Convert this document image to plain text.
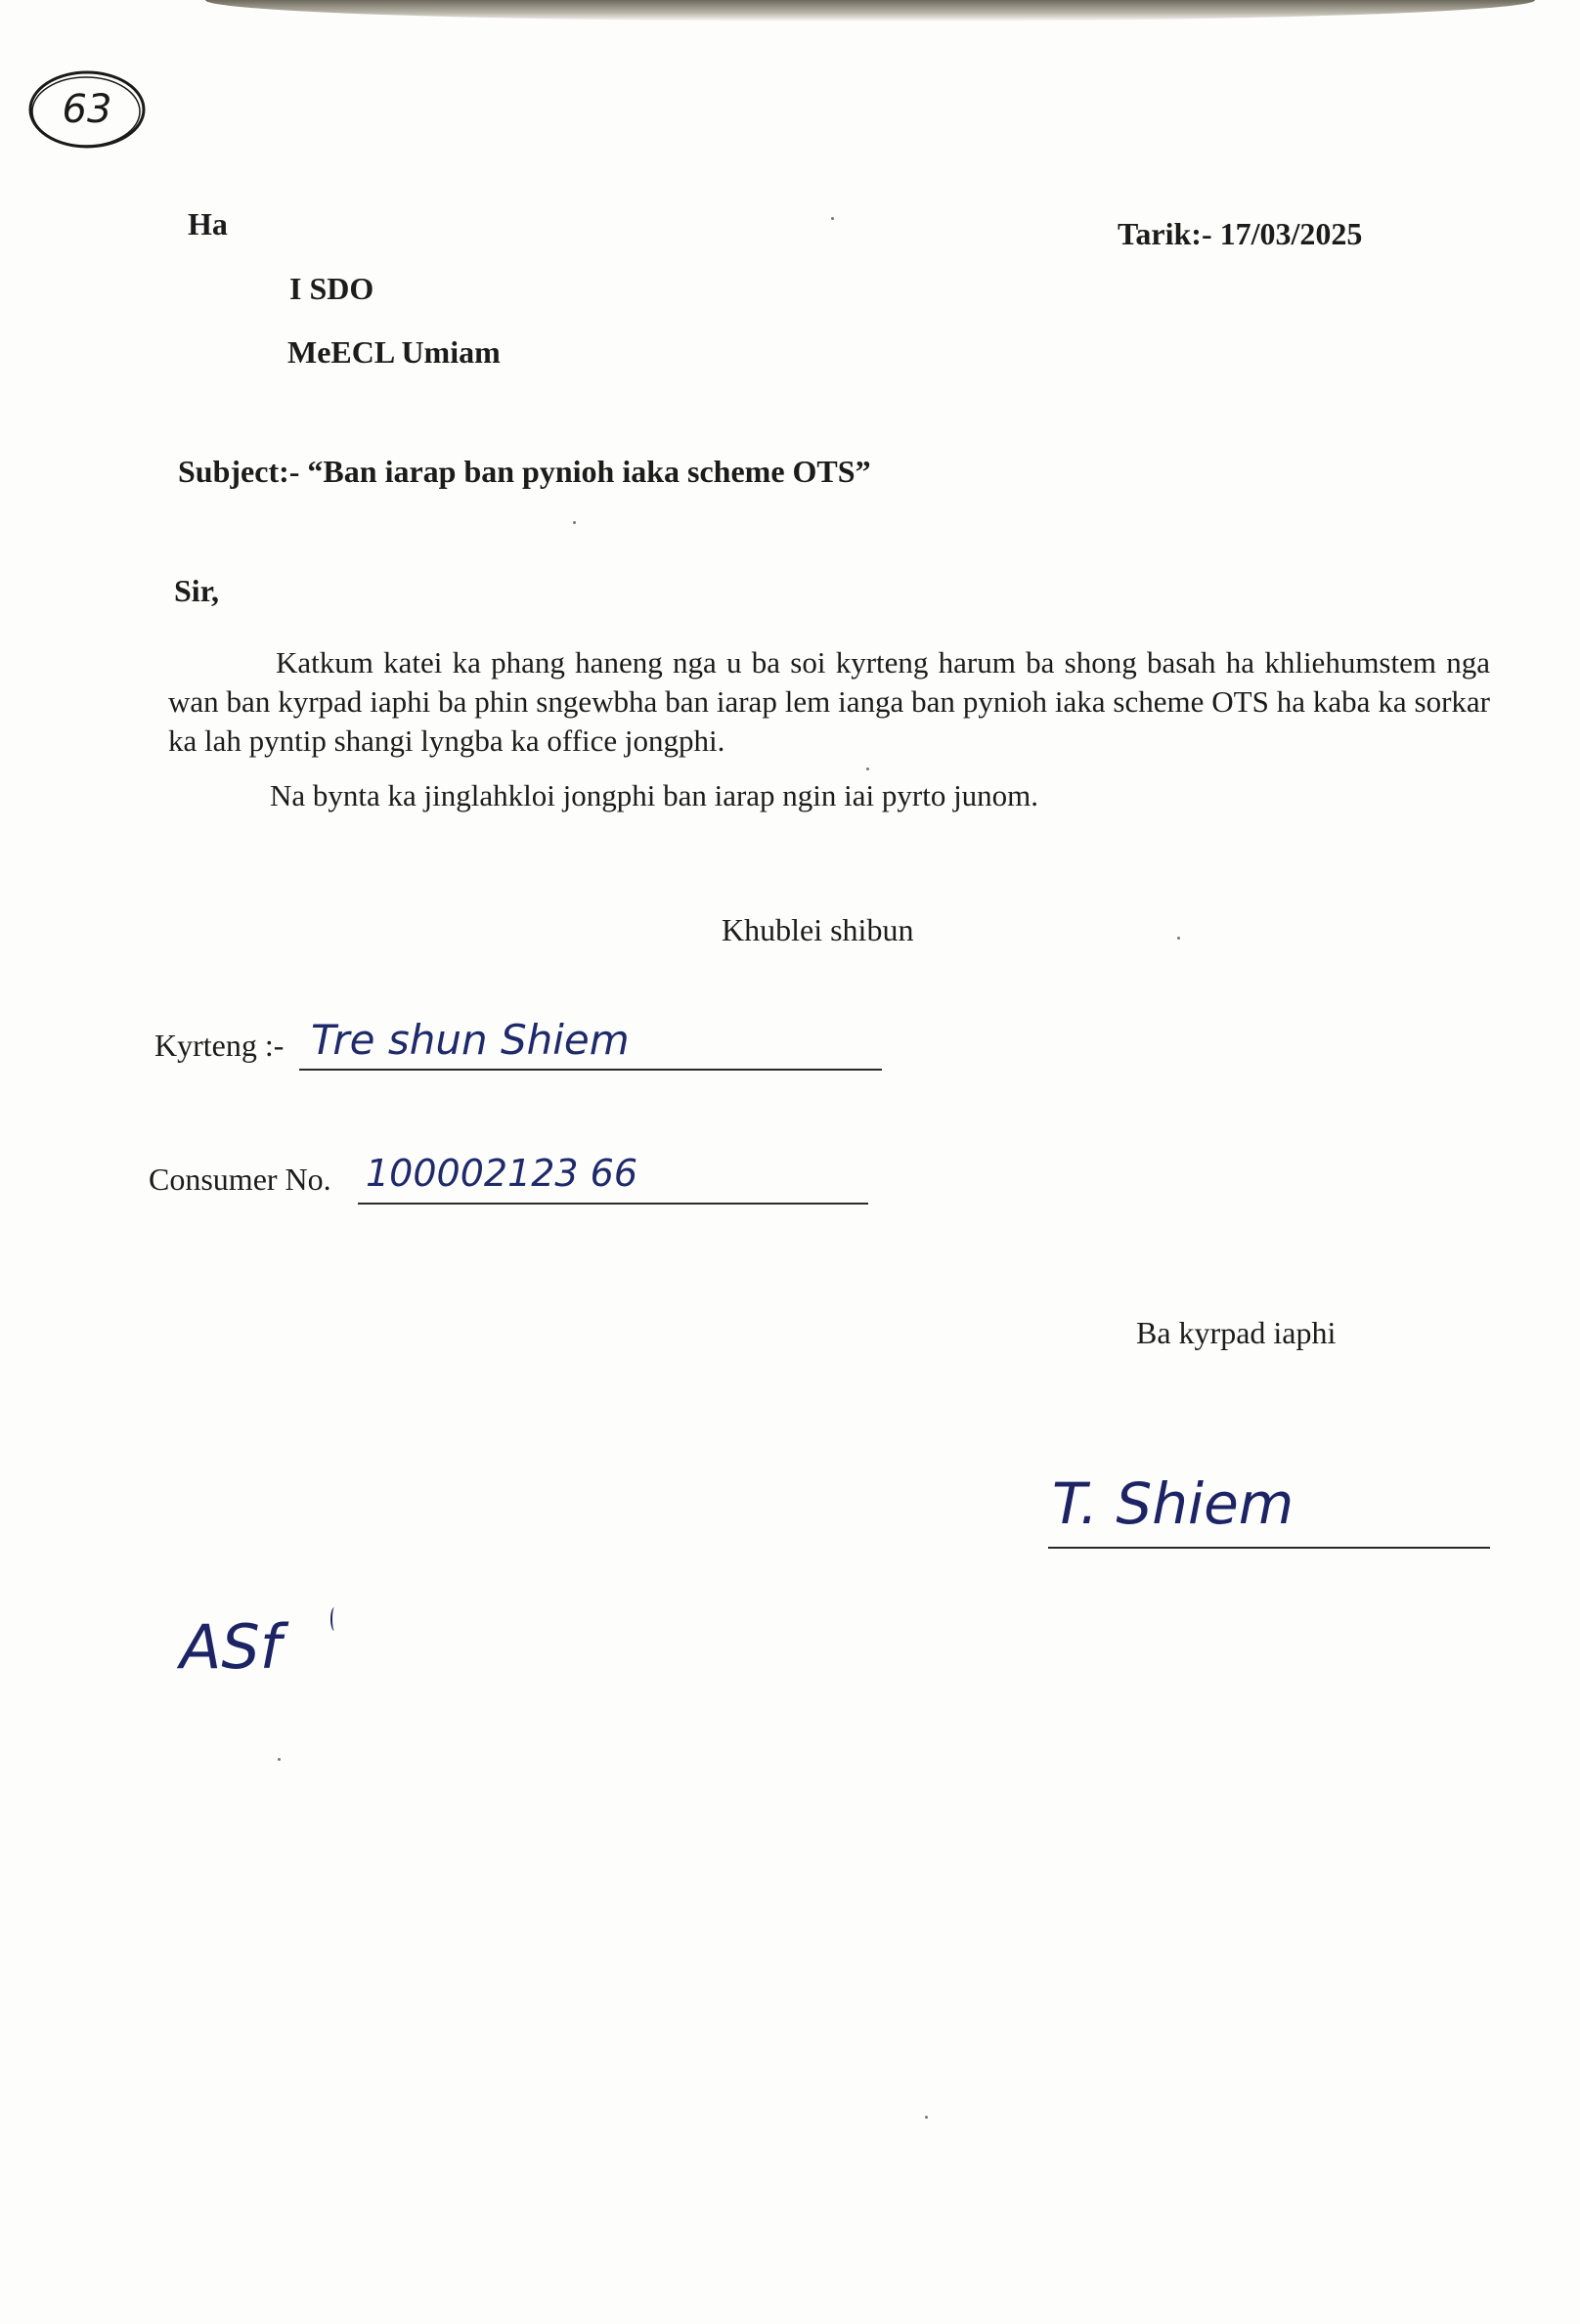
63
Ha
I SDO
MeECL Umiam
Tarik:- 17/03/2025
Subject:- “Ban iarap ban pynioh iaka scheme OTS”
Sir,
Katkum katei ka phang haneng nga u ba soi kyrteng harum ba shong basah ha khliehumstem nga wan ban kyrpad iaphi ba phin sngewbha ban iarap lem ianga ban pynioh iaka scheme OTS ha kaba ka sorkar ka lah pyntip shangi lyngba ka office jongphi.
Na bynta ka jinglahkloi jongphi ban iarap ngin iai pyrto junom.
Khublei shibun
Kyrteng :- Tre shun Shiem
Consumer No. 100002123 66
Ba kyrpad iaphi
T. Shiem
ASf
